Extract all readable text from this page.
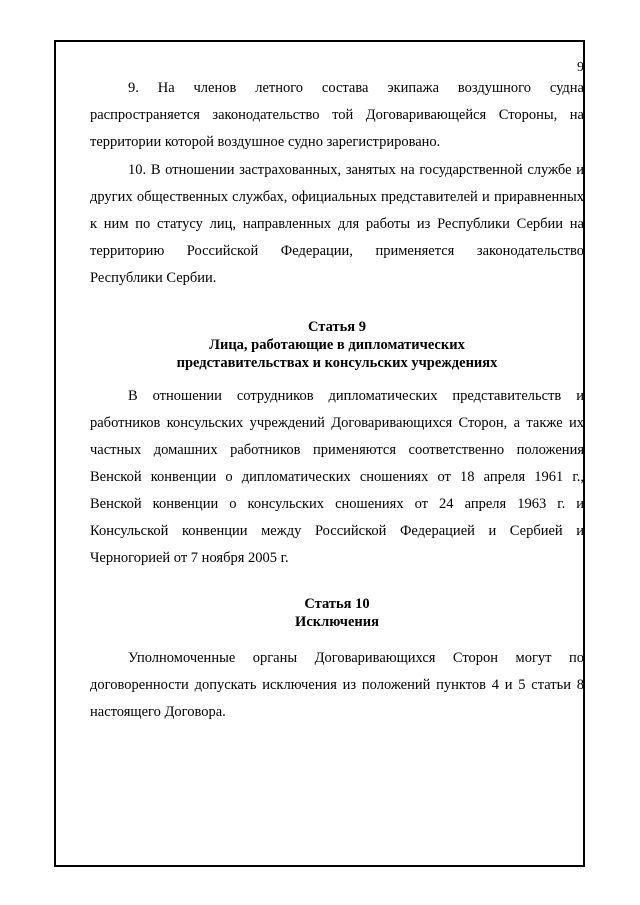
9

9. На членов летного состава экипажа воздушного судна распространяется законодательство той Договаривающейся Стороны, на территории которой воздушное судно зарегистрировано.

10. В отношении застрахованных, занятых на государственной службе и других общественных службах, официальных представителей и приравненных к ним по статусу лиц, направленных для работы из Республики Сербии на территорию Российской Федерации, применяется законодательство Республики Сербии.

Статья 9
Лица, работающие в дипломатических
представительствах и консульских учреждениях

В отношении сотрудников дипломатических представительств и работников консульских учреждений Договаривающихся Сторон, а также их частных домашних работников применяются соответственно положения Венской конвенции о дипломатических сношениях от 18 апреля 1961 г., Венской конвенции о консульских сношениях от 24 апреля 1963 г. и Консульской конвенции между Российской Федерацией и Сербией и Черногорией от 7 ноября 2005 г.

Статья 10
Исключения

Уполномоченные органы Договаривающихся Сторон могут по договоренности допускать исключения из положений пунктов 4 и 5 статьи 8 настоящего Договора.
